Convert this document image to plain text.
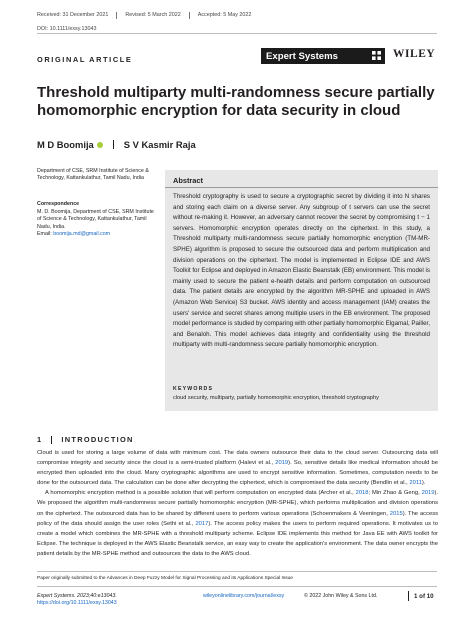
Received: 31 December 2021	Revised: 5 March 2022	Accepted: 5 May 2022
DOI: 10.1111/exsy.13043
ORIGINAL ARTICLE	Expert Systems	WILEY
Threshold multiparty multi-randomness secure partially homomorphic encryption for data security in cloud
M D Boomija	S V Kasmir Raja
Department of CSE, SRM Institute of Science & Technology, Kattankulathur, Tamil Nadu, India
Correspondence
M. D. Boomija, Department of CSE, SRM Institute of Science & Technology, Kattankulathur, Tamil Nadu, India.
Email: boomija.md@gmail.com
Abstract

Threshold cryptography is used to secure a cryptographic secret by dividing it into N shares and storing each claim on a diverse server. Any subgroup of t servers can use the secret without re-making it. However, an adversary cannot recover the secret by compromising t − 1 servers. Homomorphic encryption operates directly on the ciphertext. In this study, a Threshold multiparty multi-randomness secure partially homomorphic encryption (TM-MR-SPHE) algorithm is proposed to secure the outsourced data and perform multiplication and division operations on the ciphertext. The model is implemented in Eclipse IDE and AWS Toolkit for Eclipse and deployed in Amazon Elastic Beanstalk (EB) environment. This model is mainly used to secure the patient e-health details and perform computation on outsourced data. The patient details are encrypted by the algorithm MR-SPHE and uploaded in AWS (Amazon Web Service) S3 bucket. AWS identity and access management (IAM) creates the users' service and secret shares among multiple users in the EB environment. The proposed model performance is studied by comparing with other partially homomorphic Elgamal, Pailler, and Benaloh. This model achieves data integrity and confidentiality using the threshold multiparty with multi-randomness secure partially homomorphic encryption.

KEYWORDS
cloud security, multiparty, partially homomorphic encryption, threshold cryptography
1	INTRODUCTION

Cloud is used for storing a large volume of data with minimum cost. The data owners outsource their data to the cloud server. Outsourcing data will compromise integrity and security since the cloud is a semi-trusted platform (Halevi et al., 2019). So, sensitive details like medical information should be encrypted then uploaded into the cloud. Many cryptographic algorithms are used to encrypt sensitive information. Sometimes, computation needs to be done for the outsourced data. The calculation can be done after decrypting the ciphertext, which is compromised the data security (Bendlin et al., 2011).

A homomorphic encryption method is a possible solution that will perform computation on encrypted data (Archer et al., 2018; Min Zhao & Geng, 2019). We proposed the algorithm multi-randomness secure partially homomorphic encryption (MR-SPHE), which performs multiplication and division operations on the ciphertext. The outsourced data has to be shared by different users to perform various operations (Schoenmakers & Veeningen, 2015). The access policy of the data should assign the user roles (Sethi et al., 2017). The access policy makes the users to perform required operations. It motivates us to create a model which combines the MR-SPHE with a threshold multiparty scheme. Eclipse IDE implements this method for Java EE with AWS toolkit for Eclipse. The technique is deployed in the AWS Elastic Beanstalk service, an easy way to create the application's environment. The data owner encrypts the patient details by the MR-SPHE method and outsources the data to the AWS cloud.

Paper originally submitted to the Advances in Deep Fuzzy Model for Signal Processing and its Applications Special Issue
Expert Systems. 2023;40:e13043.
https://doi.org/10.1111/exsy.13043
wileyonlinelibrary.com/journal/exsy	© 2022 John Wiley & Sons Ltd.	1 of 10
